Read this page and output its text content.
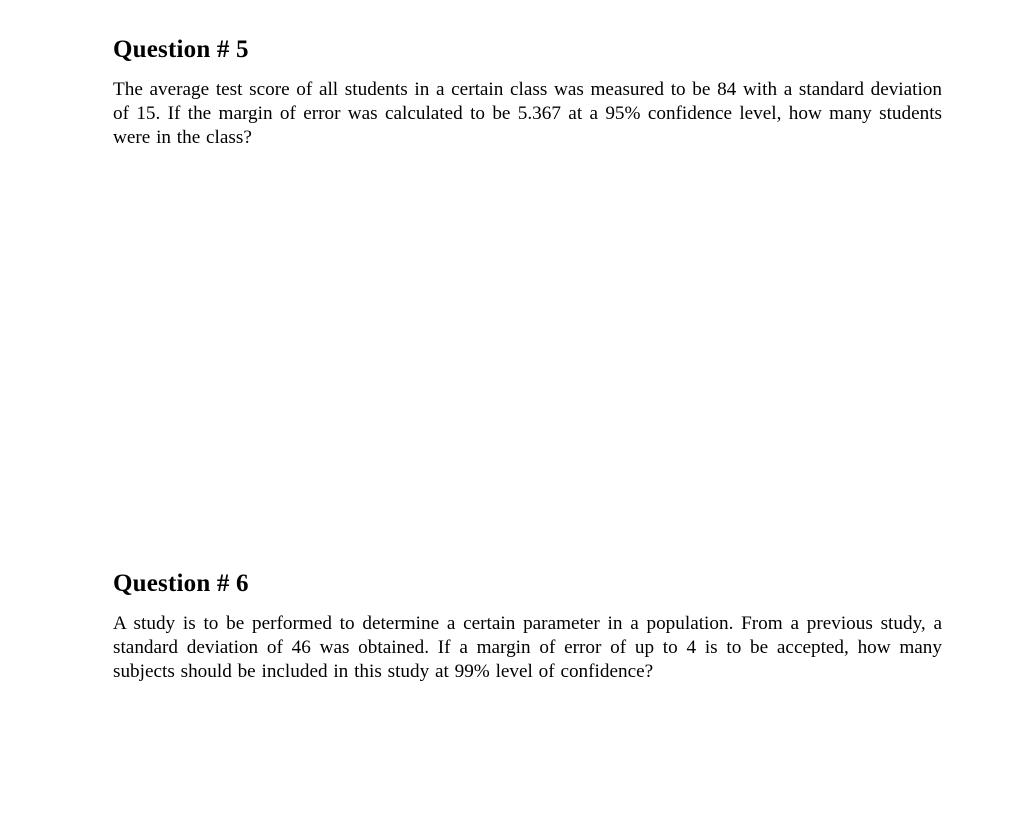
Question # 5

The average test score of all students in a certain class was measured to be 84 with a standard deviation of 15. If the margin of error was calculated to be 5.367 at a 95% confidence level, how many students were in the class?

Question # 6

A study is to be performed to determine a certain parameter in a population. From a previous study, a standard deviation of 46 was obtained. If a margin of error of up to 4 is to be accepted, how many subjects should be included in this study at 99% level of confidence?
